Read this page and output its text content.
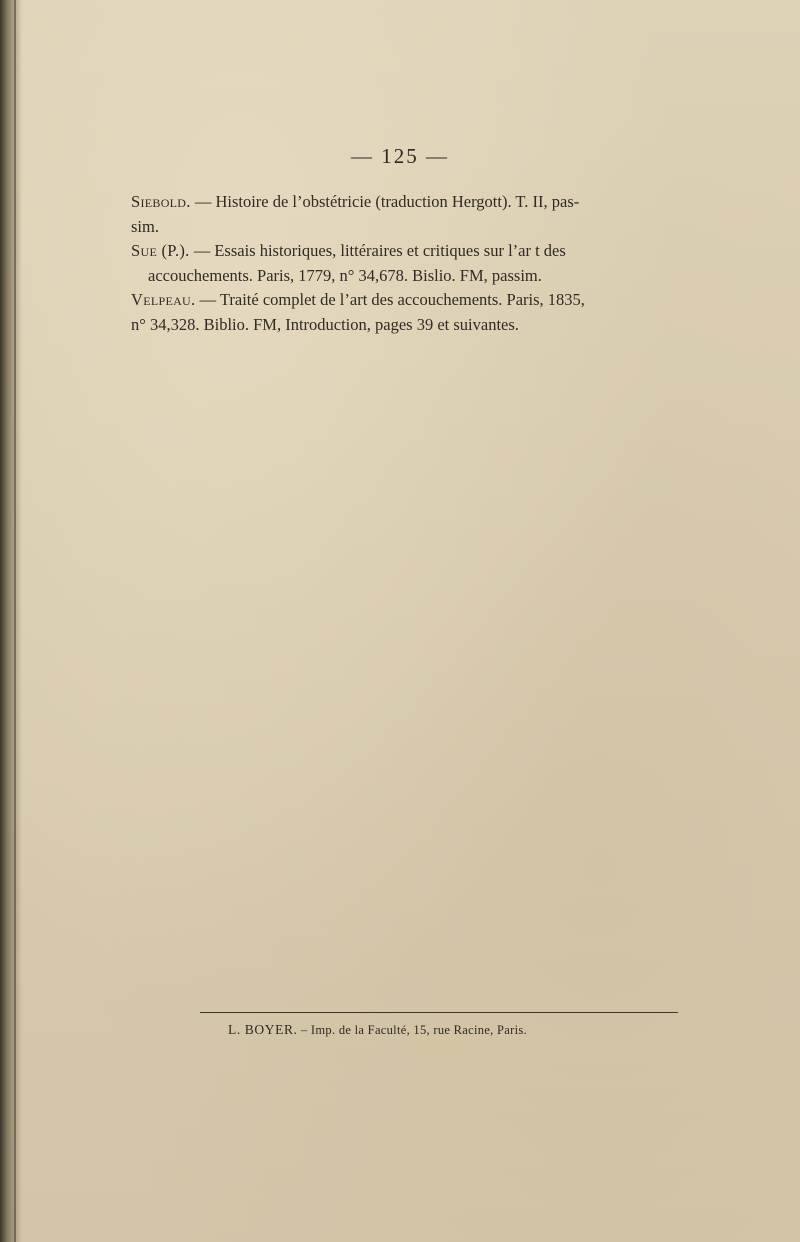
— 125 —

Siebold. — Histoire de l’obstétricie (traduction Hergott). T. II, pas-
sim.

Sue (P.). — Essais historiques, littéraires et critiques sur l’ar t des
accouchements. Paris, 1779, n° 34,678. Bislio. FM, passim.

Velpeau. — Traité complet de l’art des accouchements. Paris, 1835,
n° 34,328. Biblio. FM, Introduction, pages 39 et suivantes.

L. BOYER. – Imp. de la Faculté, 15, rue Racine, Paris.
